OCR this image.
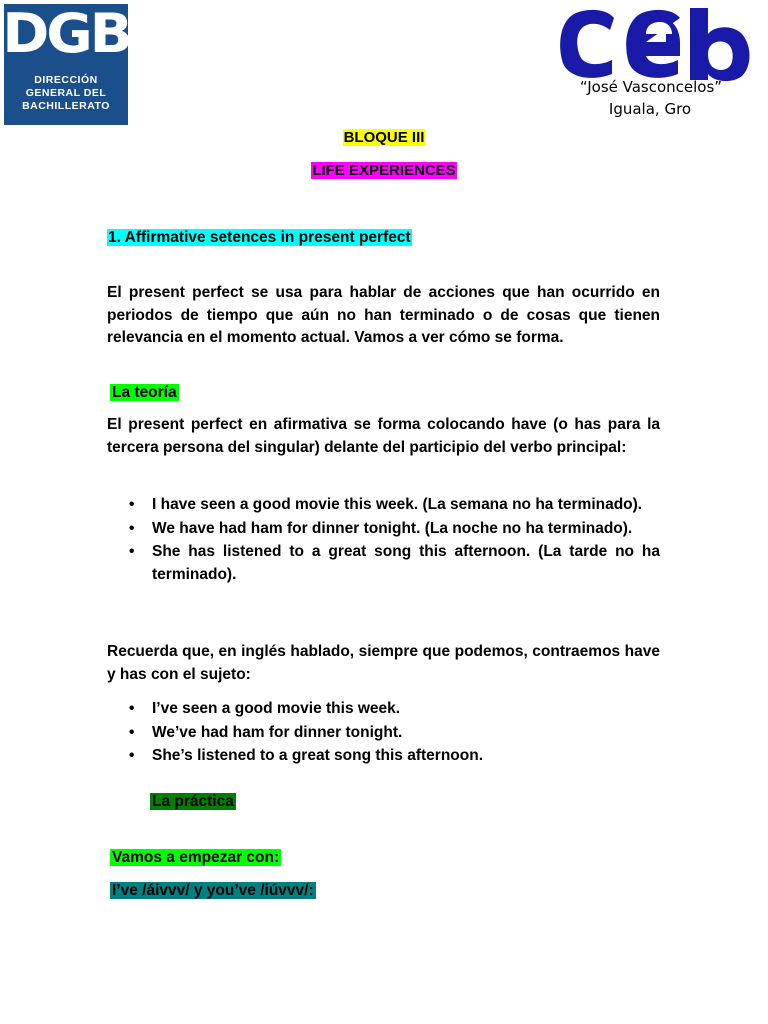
DGB
DIRECCIÓN
GENERAL DEL
BACHILLERATO
“José Vasconcelos”
Iguala, Gro
BLOQUE III
LIFE EXPERIENCES
1. Affirmative setences in present perfect
El present perfect se usa para hablar de acciones que han ocurrido en periodos de tiempo que aún no han terminado o de cosas que tienen relevancia en el momento actual. Vamos a ver cómo se forma.
La teoría
El present perfect en afirmativa se forma colocando have (o has para la tercera persona del singular) delante del participio del verbo principal:
• I have seen a good movie this week. (La semana no ha terminado).
• We have had ham for dinner tonight. (La noche no ha terminado).
• She has listened to a great song this afternoon. (La tarde no ha terminado).
Recuerda que, en inglés hablado, siempre que podemos, contraemos have y has con el sujeto:
• I’ve seen a good movie this week.
• We’ve had ham for dinner tonight.
• She’s listened to a great song this afternoon.
La práctica
Vamos a empezar con:
I’ve /áivvv/ y you’ve /iúvvv/:
